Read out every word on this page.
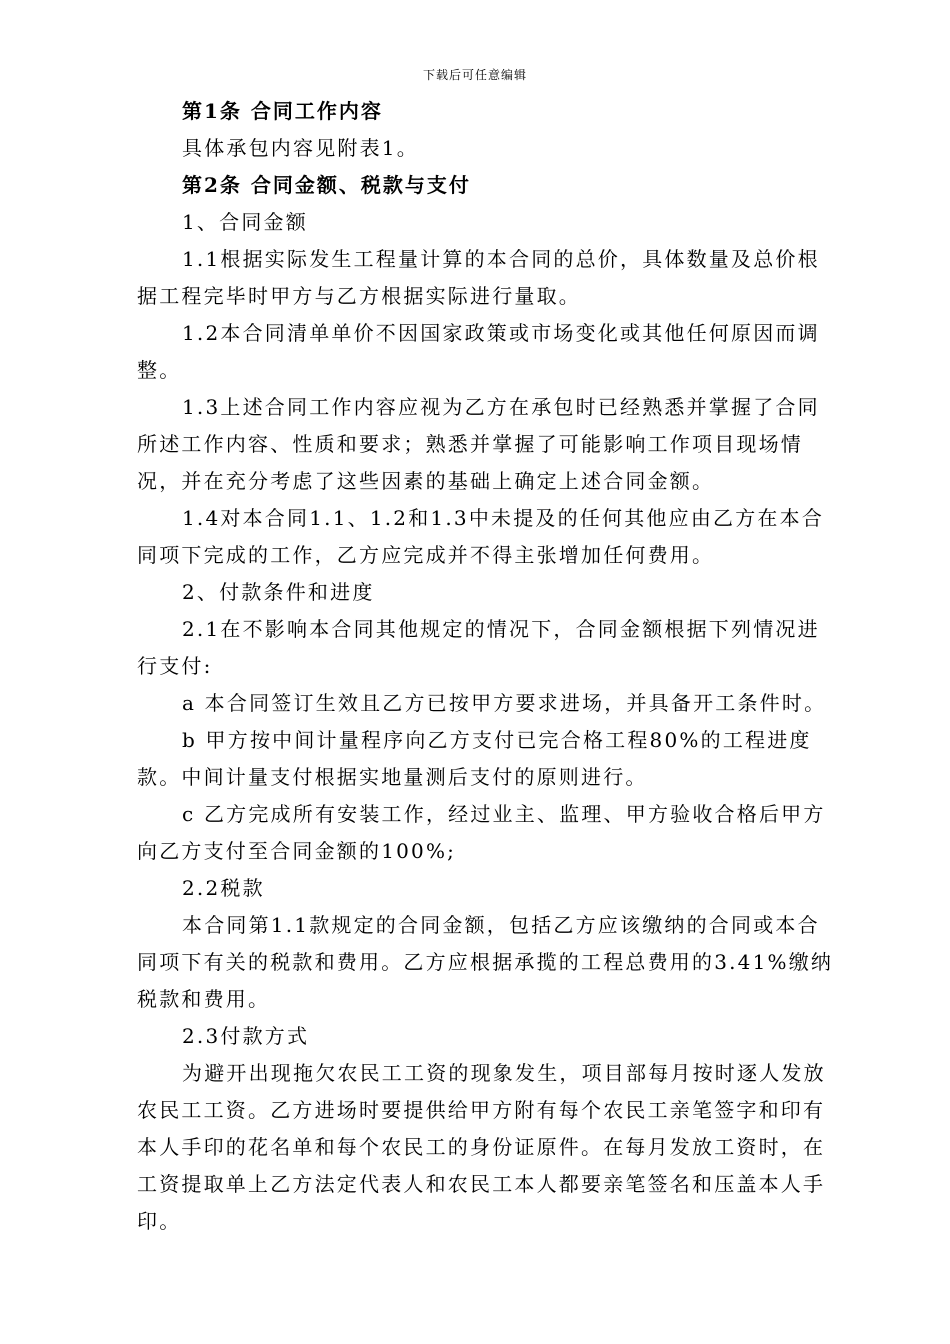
下载后可任意编辑

第1条 合同工作内容

具体承包内容见附表1。

第2条 合同金额、税款与支付

1、合同金额

1.1根据实际发生工程量计算的本合同的总价，具体数量及总价根据工程完毕时甲方与乙方根据实际进行量取。

1.2本合同清单单价不因国家政策或市场变化或其他任何原因而调整。

1.3上述合同工作内容应视为乙方在承包时已经熟悉并掌握了合同所述工作内容、性质和要求；熟悉并掌握了可能影响工作项目现场情况，并在充分考虑了这些因素的基础上确定上述合同金额。

1.4对本合同1.1、1.2和1.3中未提及的任何其他应由乙方在本合同项下完成的工作，乙方应完成并不得主张增加任何费用。

2、付款条件和进度

2.1在不影响本合同其他规定的情况下，合同金额根据下列情况进行支付:

a 本合同签订生效且乙方已按甲方要求进场，并具备开工条件时。

b 甲方按中间计量程序向乙方支付已完合格工程80%的工程进度款。中间计量支付根据实地量测后支付的原则进行。

c 乙方完成所有安装工作，经过业主、监理、甲方验收合格后甲方向乙方支付至合同金额的100%;

2.2税款

本合同第1.1款规定的合同金额，包括乙方应该缴纳的合同或本合同项下有关的税款和费用。乙方应根据承揽的工程总费用的3.41%缴纳税款和费用。

2.3付款方式

为避开出现拖欠农民工工资的现象发生，项目部每月按时逐人发放农民工工资。乙方进场时要提供给甲方附有每个农民工亲笔签字和印有本人手印的花名单和每个农民工的身份证原件。在每月发放工资时，在工资提取单上乙方法定代表人和农民工本人都要亲笔签名和压盖本人手印。
